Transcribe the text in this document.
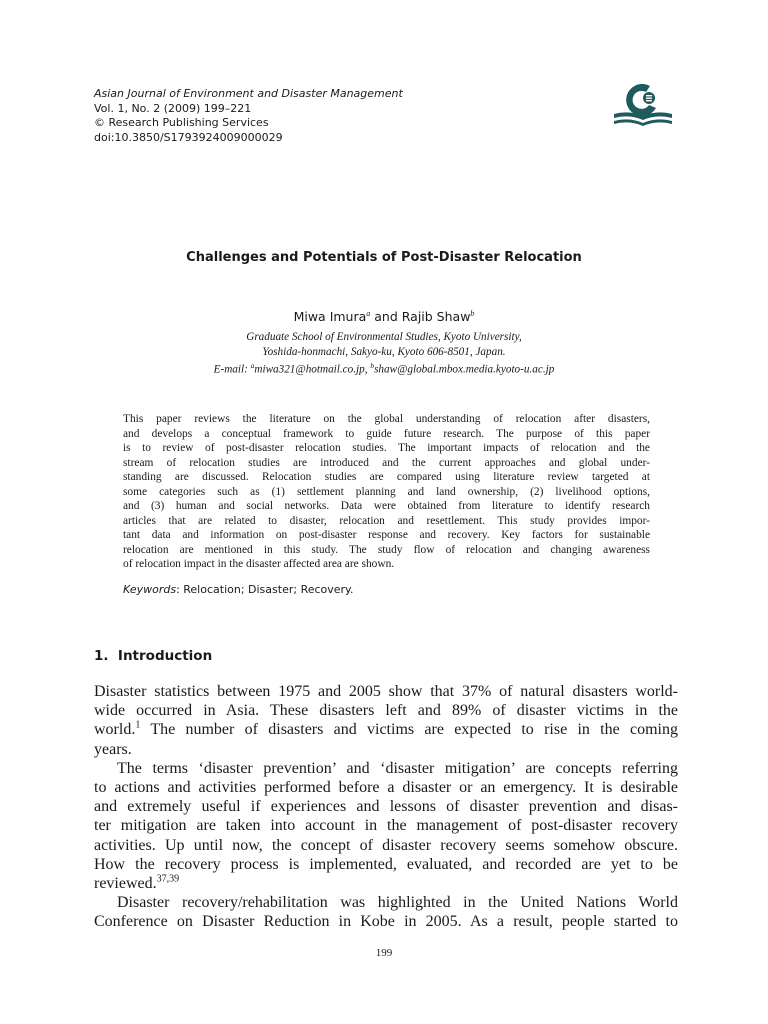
Asian Journal of Environment and Disaster Management
Vol. 1, No. 2 (2009) 199–221
© Research Publishing Services
doi:10.3850/S1793924009000029
Challenges and Potentials of Post-Disaster Relocation
Miwa Imura$^a$ and Rajib Shaw$^b$
Graduate School of Environmental Studies, Kyoto University,
Yoshida-honmachi, Sakyo-ku, Kyoto 606-8501, Japan.
E-mail: $^a$miwa321@hotmail.co.jp, $^b$shaw@global.mbox.media.kyoto-u.ac.jp
This paper reviews the literature on the global understanding of relocation after disasters,
and develops a conceptual framework to guide future research. The purpose of this paper
is to review of post-disaster relocation studies. The important impacts of relocation and the
stream of relocation studies are introduced and the current approaches and global under-
standing are discussed. Relocation studies are compared using literature review targeted at
some categories such as (1) settlement planning and land ownership, (2) livelihood options,
and (3) human and social networks. Data were obtained from literature to identify research
articles that are related to disaster, relocation and resettlement. This study provides impor-
tant data and information on post-disaster response and recovery. Key factors for sustainable
relocation are mentioned in this study. The study flow of relocation and changing awareness
of relocation impact in the disaster affected area are shown.
Keywords: Relocation; Disaster; Recovery.
1.  Introduction
Disaster statistics between 1975 and 2005 show that 37% of natural disasters world-
wide occurred in Asia. These disasters left and 89% of disaster victims in the
world.$^1$ The number of disasters and victims are expected to rise in the coming
years.
The terms ‘disaster prevention’ and ‘disaster mitigation’ are concepts referring
to actions and activities performed before a disaster or an emergency. It is desirable
and extremely useful if experiences and lessons of disaster prevention and disas-
ter mitigation are taken into account in the management of post-disaster recovery
activities. Up until now, the concept of disaster recovery seems somehow obscure.
How the recovery process is implemented, evaluated, and recorded are yet to be
reviewed.$^{37,39}$
Disaster recovery/rehabilitation was highlighted in the United Nations World
Conference on Disaster Reduction in Kobe in 2005. As a result, people started to
199
